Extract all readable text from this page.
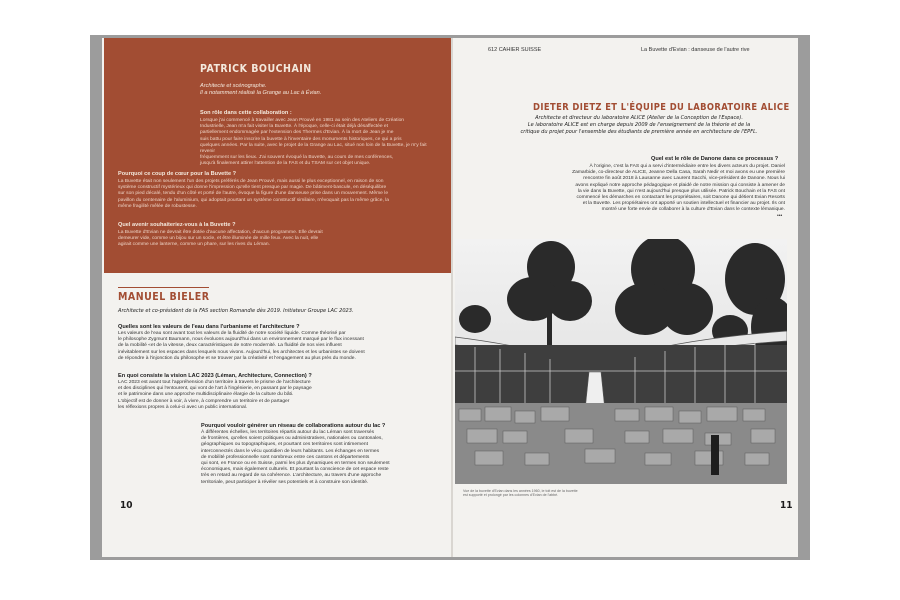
PATRICK BOUCHAIN
Architecte et scénographe.
Il a notamment réalisé la Grange au Lac à Évian.
Son rôle dans cette collaboration :
Lorsque j'ai commencé à travailler avec Jean Prouvé en 1981 au sein des Ateliers de Création
Industrielle, Jean m'a fait visiter la Buvette. À l'époque, celle-ci était déjà désaffectée et
partiellement endommagée par l'extension des Thermes d'Evian. À la mort de Jean je me
suis battu pour faire inscrire la buvette à l'inventaire des monuments historiques, ce qui a pris
quelques années. Par la suite, avec le projet de la Grange au Lac, situé non loin de la Buvette, je m'y fait revenir
fréquemment sur les lieux. J'ai souvent évoqué la Buvette, au cours de mes conférences,
jusqu'à finalement attirer l'attention de la FAS et du TSAM sur cet objet unique.
Pourquoi ce coup de cœur pour la Buvette ?
La Buvette était non seulement l'un des projets préférés de Jean Prouvé, mais aussi le plus exceptionnel, en raison de son
système constructif mystérieux qui donne l'impression qu'elle tient presque par magie. De bâtiment-bascule, en déséquilibre
sur son pied décalé, tendu d'un côté et porté de l'autre, évoque la figure d'une danseuse prise dans un mouvement. Même le
pavillon du centenaire de l'aluminium, qui adoptait pourtant un système constructif similaire, n'évoquait pas la même grâce, la
même fragilité mêlée de robustesse.
Quel avenir souhaiteriez-vous à la Buvette ?
La Buvette d'Evian ne devrait être dotée d'aucune affectation, d'aucun programme. Elle devrait
demeurer vide, comme un bijou sur un socle, et être illuminée de mille feux. Avec la nuit, elle
agirait comme une lanterne, comme un phare, sur les rives du Léman.
MANUEL BIELER
Architecte et co-président de la FAS section Romandie dès 2019. Initiateur Groupe LAC 2023.
Quelles sont les valeurs de l'eau dans l'urbanisme et l'architecture ?
Les valeurs de l'eau sont avant tout les valeurs de la fluidité de notre société liquide. Comme théorisé par
le philosophe Zygmunt Baumann, nous évoluons aujourd'hui dans un environnement marqué par le flux incessant
de la mobilité «et de la vitesse, deux caractéristiques de notre modernité. La fluidité de nos vies influent
inévitablement sur les espaces dans lesquels nous vivons. Aujourd'hui, les architectes et les urbanistes se doivent
de répondre à l'injonction du philosophe et se trouver par la créativité et l'engagement au plus près du monde.
En quoi consiste la vision LAC 2023 (Léman, Architecture, Connection) ?
LAC 2023 est avant tout l'appréhension d'un territoire à travers le prisme de l'architecture
et des disciplines qui l'entourent, qui vont de l'art à l'ingénierie, en passant par le paysage
et le patrimoine dans une approche multidisciplinaire élargie de la culture du bâti.
L'objectif est de donner à voir, à vivre, à comprendre un territoire et de partager
les réflexions propres à celui-ci avec un public international.
Pourquoi vouloir générer un réseau de collaborations autour du lac ?
À différentes échelles, les territoires répartis autour du lac Léman sont traversés
de frontières, qu'elles soient politiques ou administratives, nationales ou cantonales,
géographiques ou topographiques, et pourtant ces territoires sont intimement
interconnectés dans le vécu quotidien de leurs habitants. Les échanges en termes
de mobilité professionnelle sont nombreux entre ces cantons et départements
qui sont, en France ou en Suisse, parmi les plus dynamiques en termes non seulement
économiques, mais également culturels. Et pourtant la conscience de cet espace reste
très en retard au regard de sa cohérence. L'architecture, au travers d'une approche
territoriale, peut participer à révéler ses potentiels et à construire son identité.
10
612 CAHIER SUISSE	La Buvette d'Evian : danseuse de l'autre rive
DIETER DIETZ ET L'ÉQUIPE DU LABORATOIRE ALICE
Architecte et directeur du laboratoire ALICE (Atelier de la Conception de l'Espace).
Le laboratoire ALICE est en charge depuis 2009 de l'enseignement de la théorie et de la
critique du projet pour l'ensemble des étudiants de première année en architecture de l'EPFL.
Quel est le rôle de Danone dans ce processus ?
À l'origine, c'est la FAS qui a servi d'intermédiaire entre les divers acteurs du projet. Daniel
Zamarbide, co-directeur de ALICE, Jeanne Della Casa, Sarah Nedir et moi avons eu une première
rencontre fin août 2018 à Lausanne avec Laurent Sacchi, vice-président de Danone. Nous lui
avons expliqué notre approche pédagogique et plaidé de notre mission qui consiste à amener de
la vie dans la Buvette, qui n'est aujourd'hui presque plus utilisée. Patrick Bouchain et la FAS ont
commencé les démarches en contactant les propriétaires, soit Danone qui détient Evian Resorts
et la Buvette. Les propriétaires ont apporté un soutien intellectuel et financier au projet. Ils ont
montré une forte envie de collaborer à la culture d'Evian dans le contexte lémanique.
•••
Vue de la buvette d'Evian dans les années 1960, le toit est de la buvette
est supporté et prolongé par les colonnes d'Evian de l'abbé.
11
